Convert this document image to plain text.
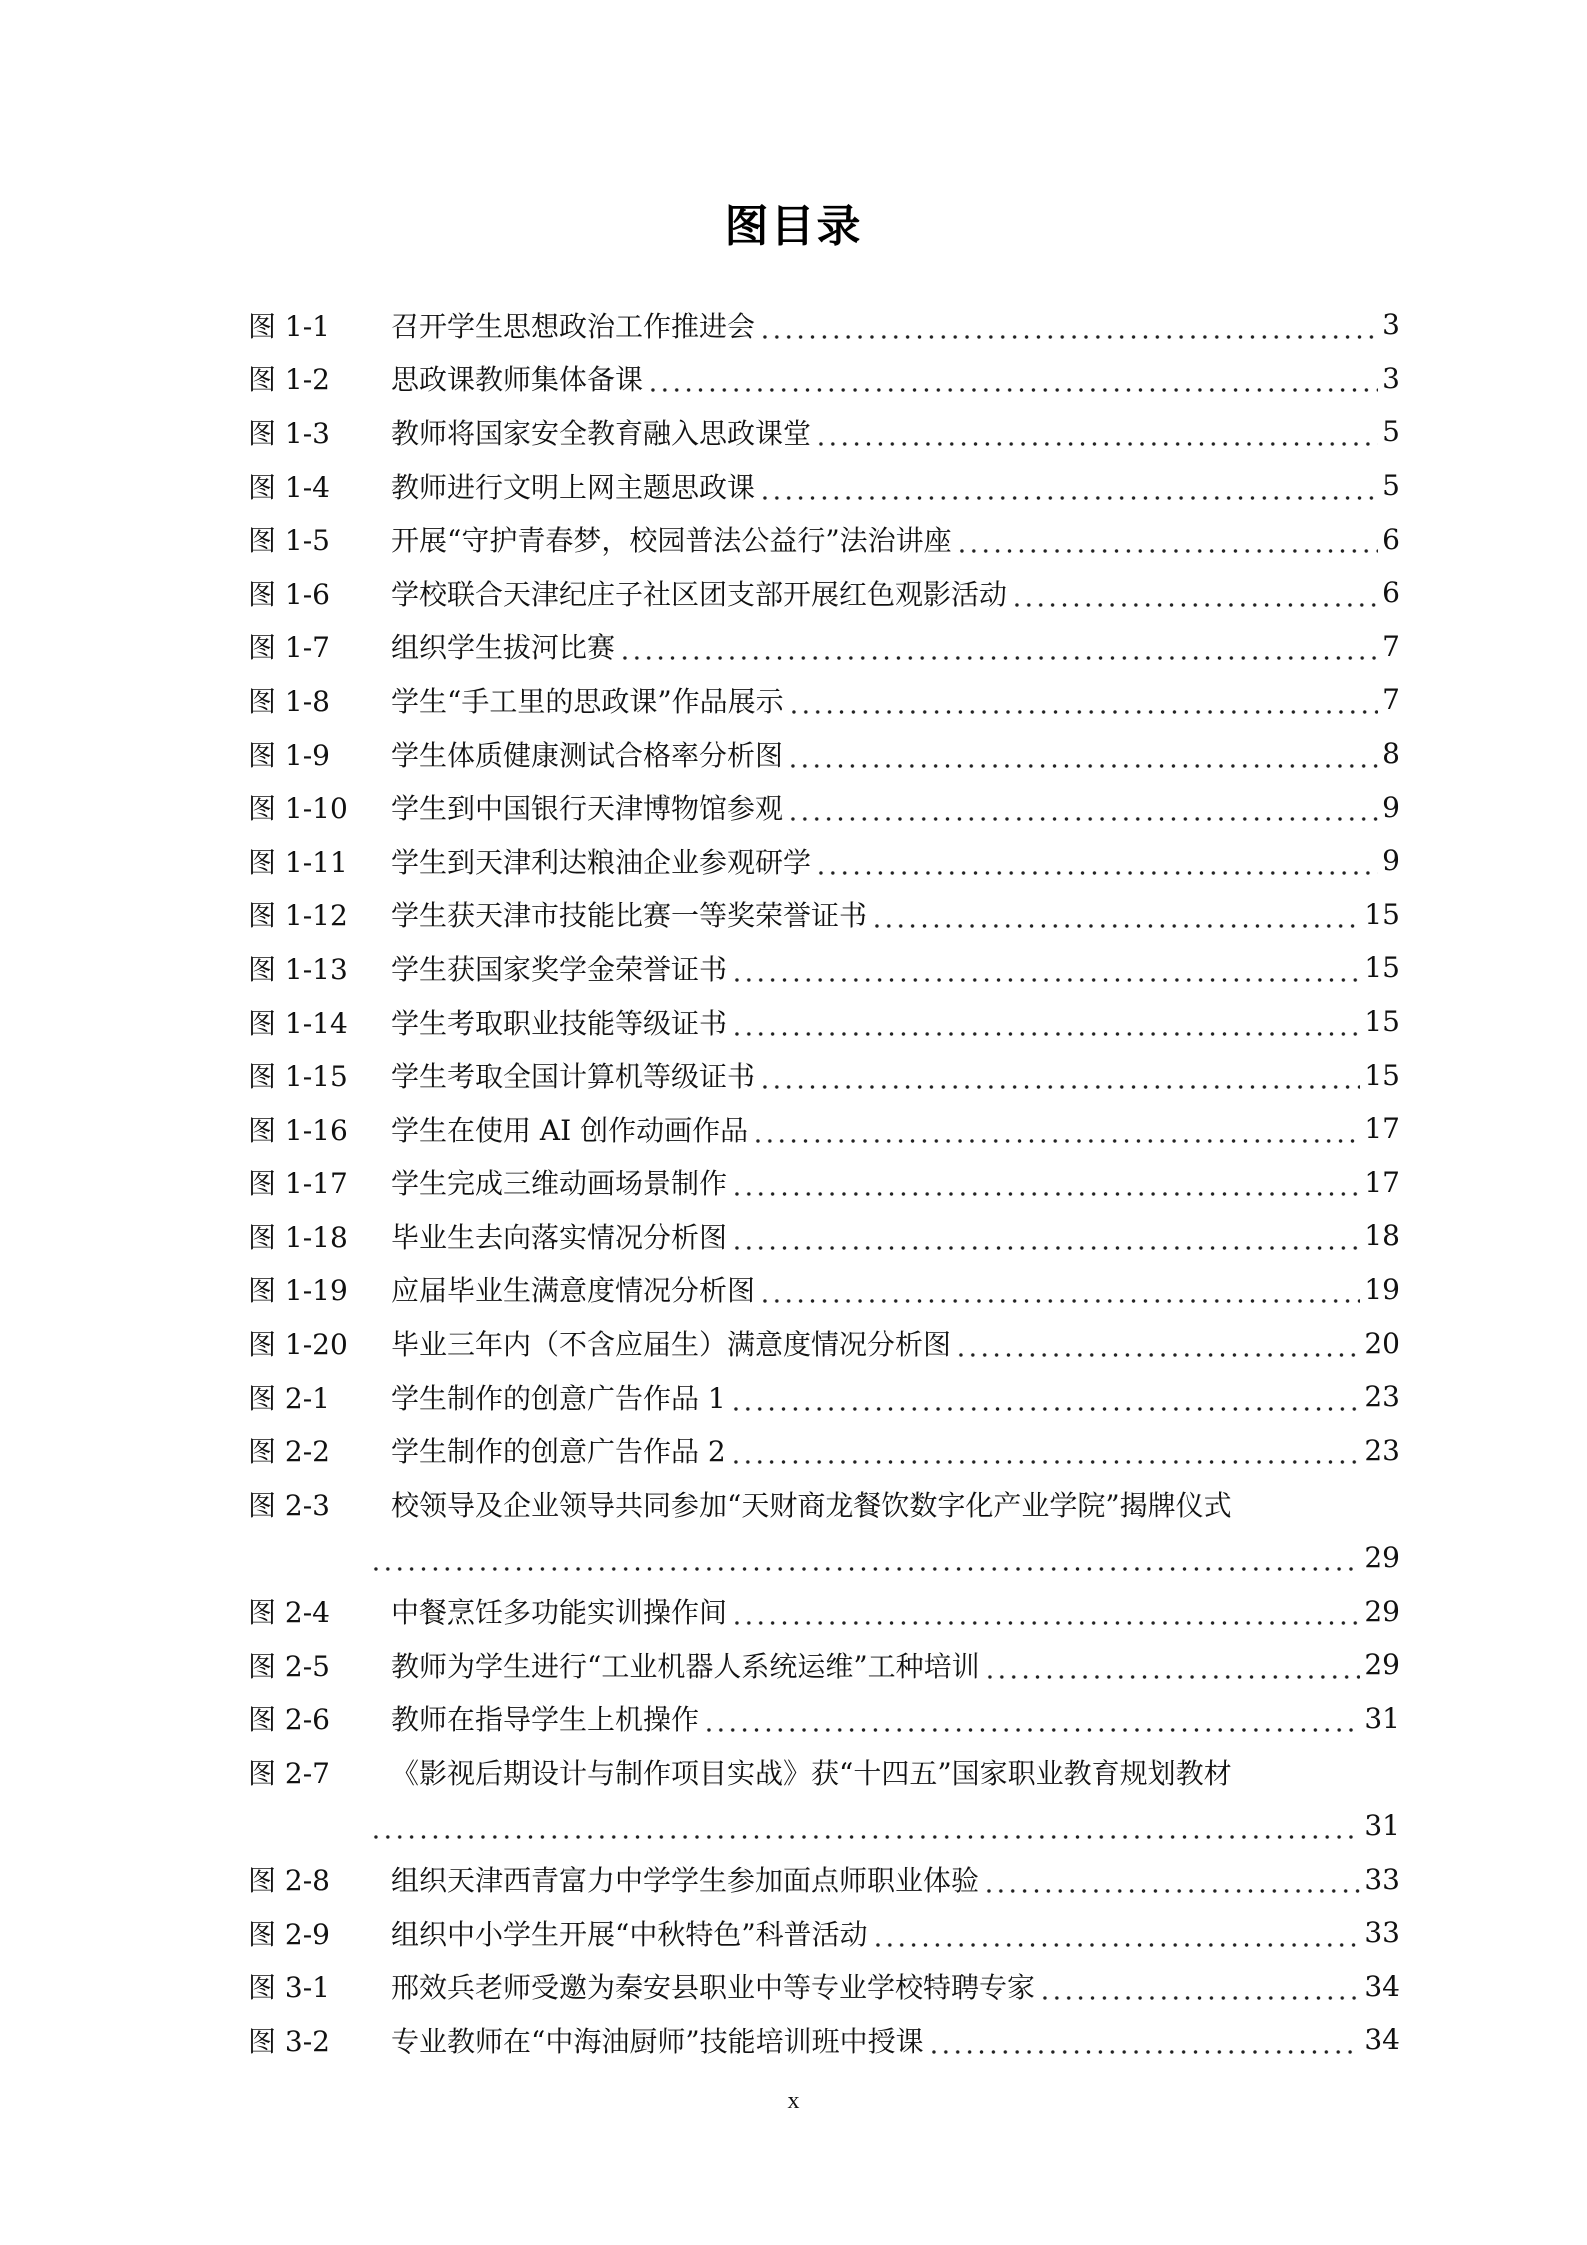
图目录
图 1-1	召开学生思想政治工作推进会	3
图 1-2	思政课教师集体备课	3
图 1-3	教师将国家安全教育融入思政课堂	5
图 1-4	教师进行文明上网主题思政课	5
图 1-5	开展“守护青春梦，校园普法公益行”法治讲座	6
图 1-6	学校联合天津纪庄子社区团支部开展红色观影活动	6
图 1-7	组织学生拔河比赛	7
图 1-8	学生“手工里的思政课”作品展示	7
图 1-9	学生体质健康测试合格率分析图	8
图 1-10	学生到中国银行天津博物馆参观	9
图 1-11	学生到天津利达粮油企业参观研学	9
图 1-12	学生获天津市技能比赛一等奖荣誉证书	15
图 1-13	学生获国家奖学金荣誉证书	15
图 1-14	学生考取职业技能等级证书	15
图 1-15	学生考取全国计算机等级证书	15
图 1-16	学生在使用 AI 创作动画作品	17
图 1-17	学生完成三维动画场景制作	17
图 1-18	毕业生去向落实情况分析图	18
图 1-19	应届毕业生满意度情况分析图	19
图 1-20	毕业三年内（不含应届生）满意度情况分析图	20
图 2-1	学生制作的创意广告作品 1	23
图 2-2	学生制作的创意广告作品 2	23
图 2-3	校领导及企业领导共同参加“天财商龙餐饮数字化产业学院”揭牌仪式
29
图 2-4	中餐烹饪多功能实训操作间	29
图 2-5	教师为学生进行“工业机器人系统运维”工种培训	29
图 2-6	教师在指导学生上机操作	31
图 2-7	《影视后期设计与制作项目实战》获“十四五”国家职业教育规划教材
31
图 2-8	组织天津西青富力中学学生参加面点师职业体验	33
图 2-9	组织中小学生开展“中秋特色”科普活动	33
图 3-1	邢效兵老师受邀为秦安县职业中等专业学校特聘专家	34
图 3-2	专业教师在“中海油厨师”技能培训班中授课	34
x
